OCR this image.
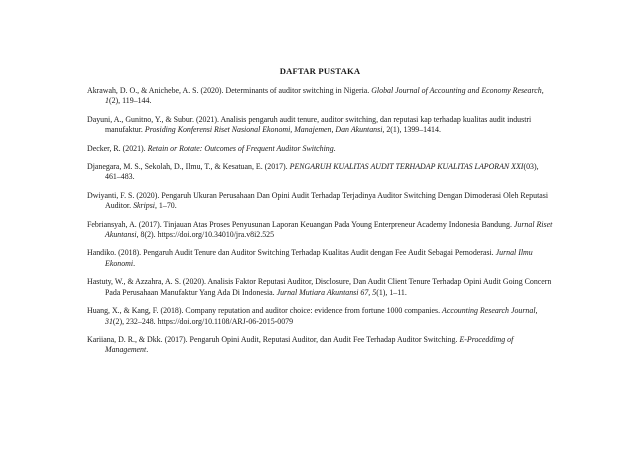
DAFTAR PUSTAKA

Akrawah, D. O., & Anichebe, A. S. (2020). Determinants of auditor switching in Nigeria. Global Journal of Accounting and Economy Research, 1(2), 119–144.

Dayuni, A., Gunitno, Y., & Subur. (2021). Analisis pengaruh audit tenure, auditor switching, dan reputasi kap terhadap kualitas audit industri manufaktur. Prosiding Konferensi Riset Nasional Ekonomi, Manajemen, Dan Akuntansi, 2(1), 1399–1414.

Decker, R. (2021). Retain or Rotate: Outcomes of Frequent Auditor Switching.

Djanegara, M. S., Sekolah, D., Ilmu, T., & Kesatuan, E. (2017). PENGARUH KUALITAS AUDIT TERHADAP KUALITAS LAPORAN XXI(03), 461–483.

Dwiyanti, F. S. (2020). Pengaruh Ukuran Perusahaan Dan Opini Audit Terhadap Terjadinya Auditor Switching Dengan Dimoderasi Oleh Reputasi Auditor. Skripsi, 1–70.

Febriansyah, A. (2017). Tinjauan Atas Proses Penyusunan Laporan Keuangan Pada Young Enterpreneur Academy Indonesia Bandung. Jurnal Riset Akuntansi, 8(2). https://doi.org/10.34010/jra.v8i2.525

Handiko. (2018). Pengaruh Audit Tenure dan Auditor Switching Terhadap Kualitas Audit dengan Fee Audit Sebagai Pemoderasi. Jurnal Ilmu Ekonomi.

Hastuty, W., & Azzahra, A. S. (2020). Analisis Faktor Reputasi Auditor, Disclosure, Dan Audit Client Tenure Terhadap Opini Audit Going Concern Pada Perusahaan Manufaktur Yang Ada Di Indonesia. Jurnal Mutiara Akuntansi 67, 5(1), 1–11.

Huang, X., & Kang, F. (2018). Company reputation and auditor choice: evidence from fortune 1000 companies. Accounting Research Journal, 31(2), 232–248. https://doi.org/10.1108/ARJ-06-2015-0079

Kariiana, D. R., & Dkk. (2017). Pengaruh Opini Audit, Reputasi Auditor, dan Audit Fee Terhadap Auditor Switching. E-Proceddimg of Management.
